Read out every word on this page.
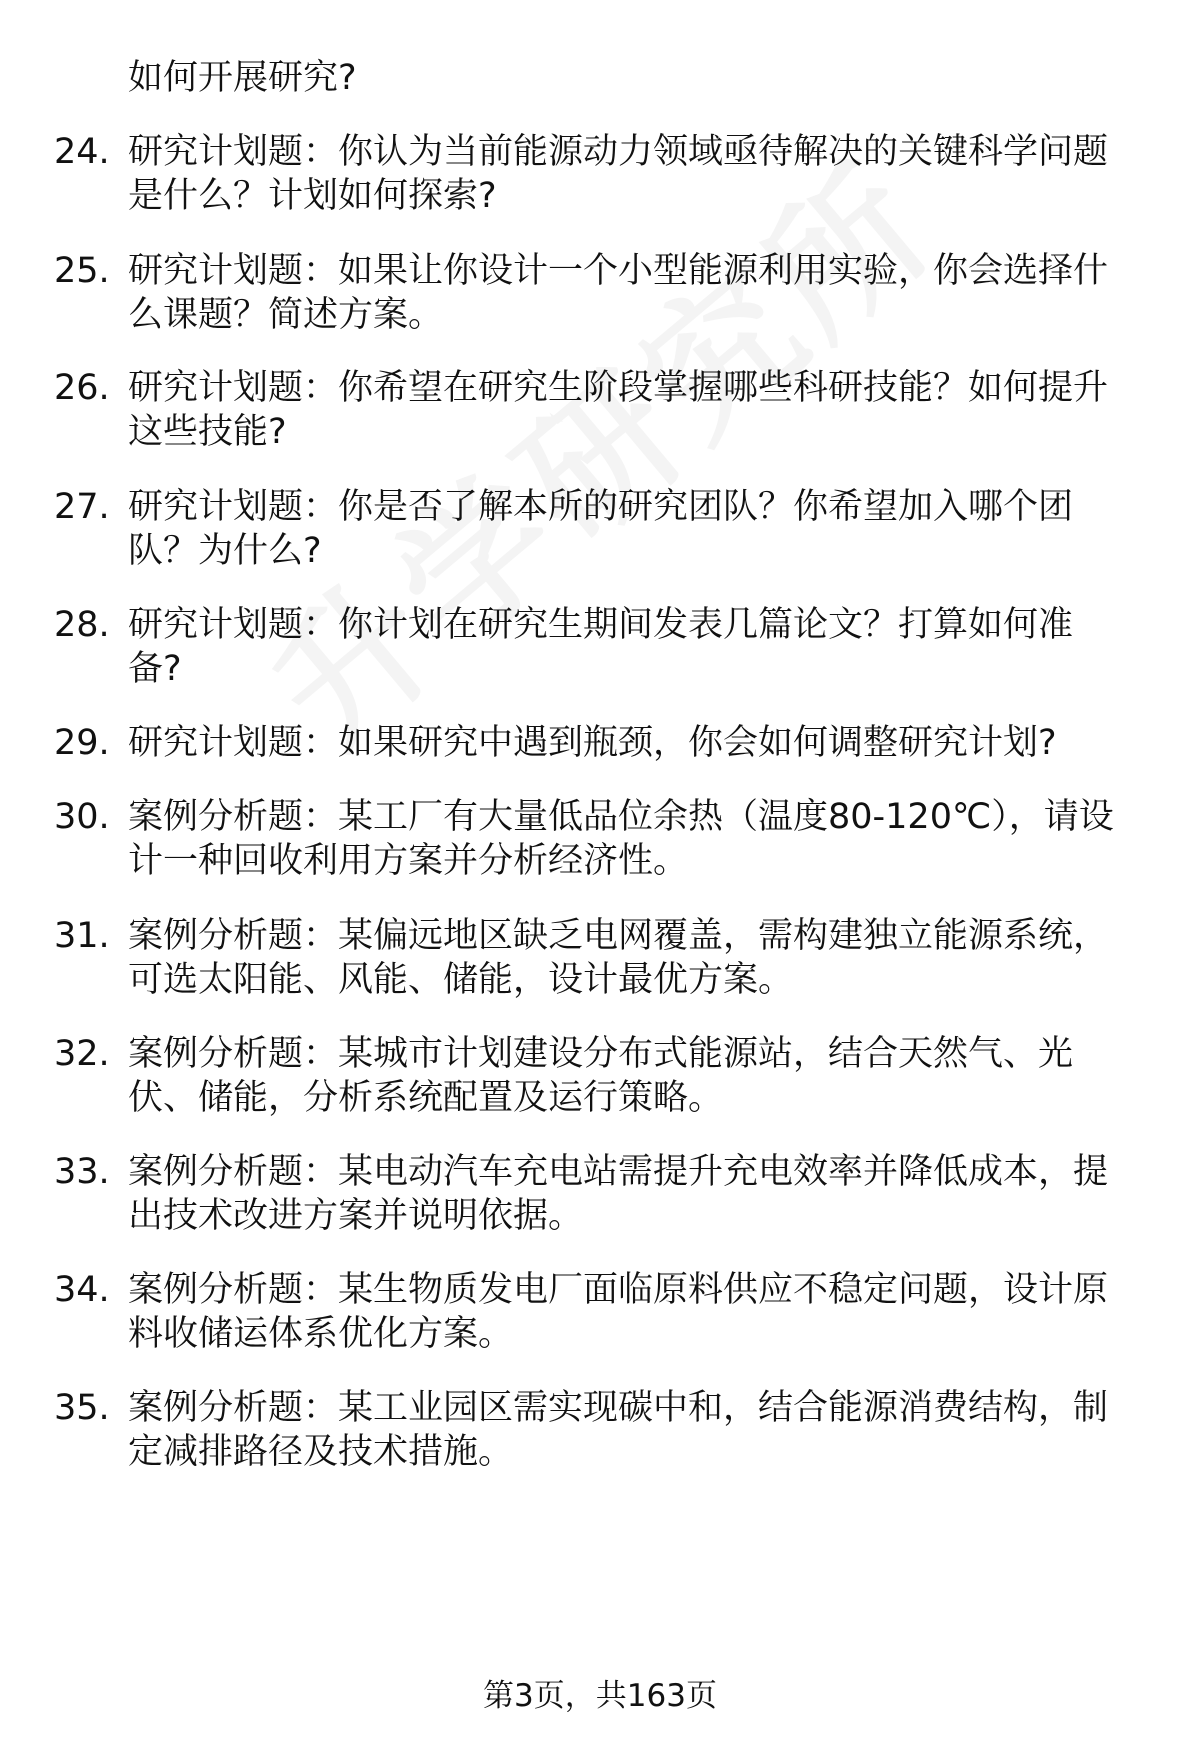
如何开展研究?
24. 研究计划题：你认为当前能源动力领域亟待解决的关键科学问题
是什么？计划如何探索?
25. 研究计划题：如果让你设计一个小型能源利用实验，你会选择什
么课题？简述方案。
26. 研究计划题：你希望在研究生阶段掌握哪些科研技能？如何提升
这些技能?
27. 研究计划题：你是否了解本所的研究团队？你希望加入哪个团
队？为什么?
28. 研究计划题：你计划在研究生期间发表几篇论文？打算如何准
备?
29. 研究计划题：如果研究中遇到瓶颈，你会如何调整研究计划?
30. 案例分析题：某工厂有大量低品位余热（温度80-120℃），请设
计一种回收利用方案并分析经济性。
31. 案例分析题：某偏远地区缺乏电网覆盖，需构建独立能源系统，
可选太阳能、风能、储能，设计最优方案。
32. 案例分析题：某城市计划建设分布式能源站，结合天然气、光
伏、储能，分析系统配置及运行策略。
33. 案例分析题：某电动汽车充电站需提升充电效率并降低成本，提
出技术改进方案并说明依据。
34. 案例分析题：某生物质发电厂面临原料供应不稳定问题，设计原
料收储运体系优化方案。
35. 案例分析题：某工业园区需实现碳中和，结合能源消费结构，制
定减排路径及技术措施。
第3页，共163页
